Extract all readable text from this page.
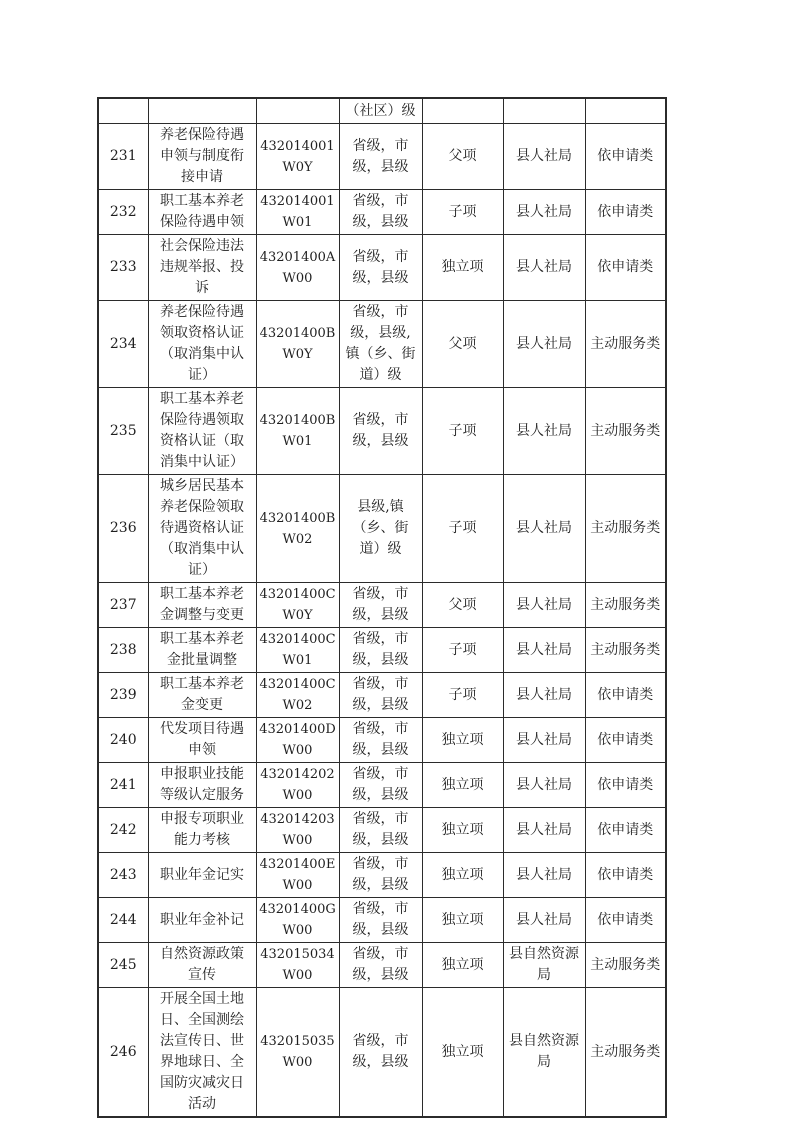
			（社区）级			
231	养老保险待遇申领与制度衔接申请	432014001W0Y	省级，市级，县级	父项	县人社局	依申请类
232	职工基本养老保险待遇申领	432014001W01	省级，市级，县级	子项	县人社局	依申请类
233	社会保险违法违规举报、投诉	43201400AW00	省级，市级，县级	独立项	县人社局	依申请类
234	养老保险待遇领取资格认证（取消集中认证）	43201400BW0Y	省级，市级，县级,镇（乡、街道）级	父项	县人社局	主动服务类
235	职工基本养老保险待遇领取资格认证（取消集中认证）	43201400BW01	省级，市级，县级	子项	县人社局	主动服务类
236	城乡居民基本养老保险领取待遇资格认证（取消集中认证）	43201400BW02	县级,镇（乡、街道）级	子项	县人社局	主动服务类
237	职工基本养老金调整与变更	43201400CW0Y	省级，市级，县级	父项	县人社局	主动服务类
238	职工基本养老金批量调整	43201400CW01	省级，市级，县级	子项	县人社局	主动服务类
239	职工基本养老金变更	43201400CW02	省级，市级，县级	子项	县人社局	依申请类
240	代发项目待遇申领	43201400DW00	省级，市级，县级	独立项	县人社局	依申请类
241	申报职业技能等级认定服务	432014202W00	省级，市级，县级	独立项	县人社局	依申请类
242	申报专项职业能力考核	432014203W00	省级，市级，县级	独立项	县人社局	依申请类
243	职业年金记实	43201400EW00	省级，市级，县级	独立项	县人社局	依申请类
244	职业年金补记	43201400GW00	省级，市级，县级	独立项	县人社局	依申请类
245	自然资源政策宣传	432015034W00	省级，市级，县级	独立项	县自然资源局	主动服务类
246	开展全国土地日、全国测绘法宣传日、世界地球日、全国防灾减灾日活动	432015035W00	省级，市级，县级	独立项	县自然资源局	主动服务类
